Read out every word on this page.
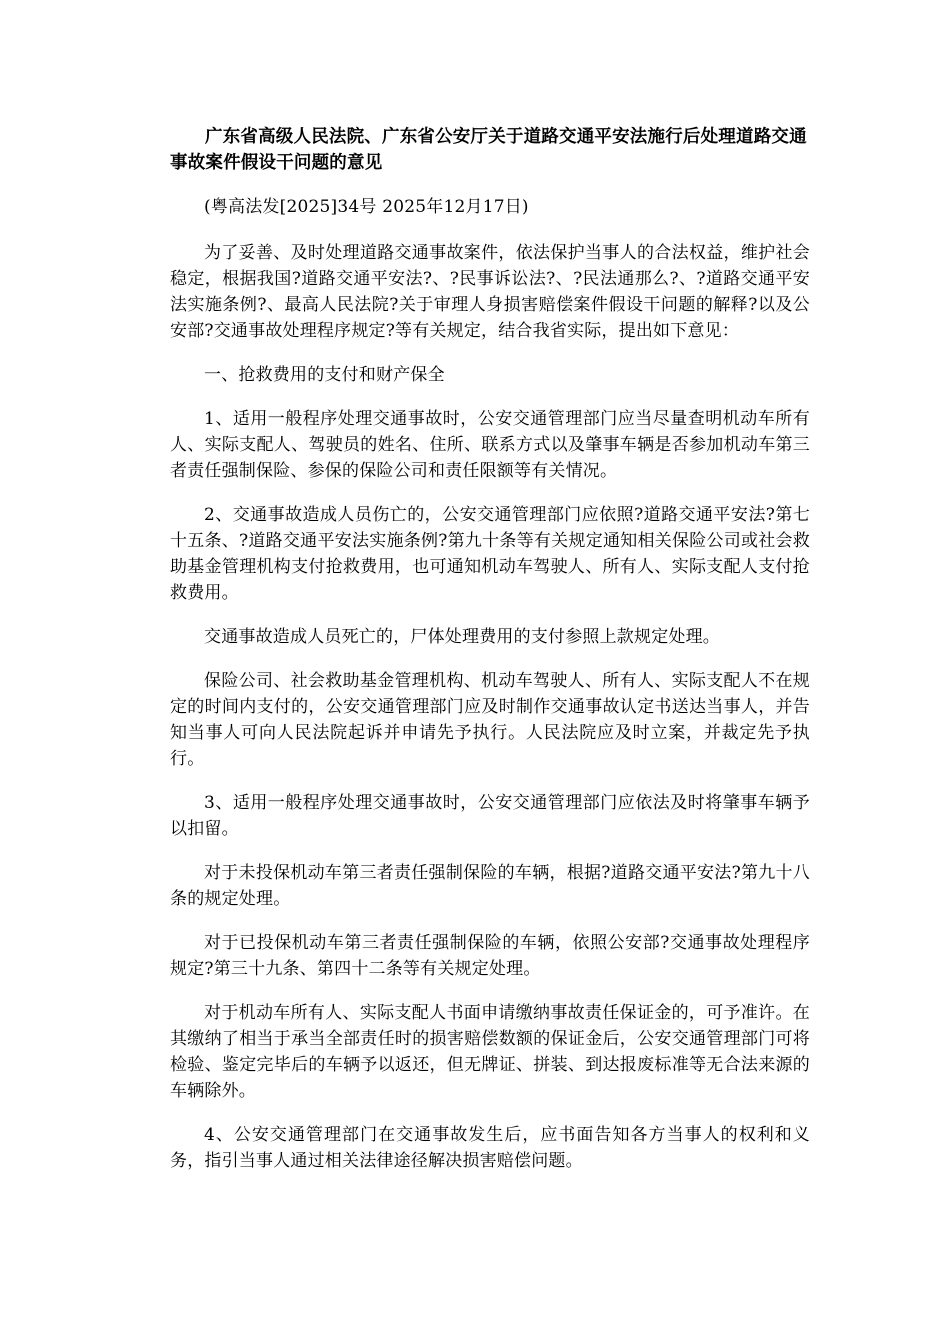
广东省高级人民法院、广东省公安厅关于道路交通平安法施行后处理道路交通事故案件假设干问题的意见

(粤高法发[2025]34号 2025年12月17日)

为了妥善、及时处理道路交通事故案件，依法保护当事人的合法权益，维护社会稳定，根据我国?道路交通平安法?、?民事诉讼法?、?民法通那么?、?道路交通平安法实施条例?、最高人民法院?关于审理人身损害赔偿案件假设干问题的解释?以及公安部?交通事故处理程序规定?等有关规定，结合我省实际，提出如下意见：

一、抢救费用的支付和财产保全

1、适用一般程序处理交通事故时，公安交通管理部门应当尽量查明机动车所有人、实际支配人、驾驶员的姓名、住所、联系方式以及肇事车辆是否参加机动车第三者责任强制保险、参保的保险公司和责任限额等有关情况。

2、交通事故造成人员伤亡的，公安交通管理部门应依照?道路交通平安法?第七十五条、?道路交通平安法实施条例?第九十条等有关规定通知相关保险公司或社会救助基金管理机构支付抢救费用，也可通知机动车驾驶人、所有人、实际支配人支付抢救费用。

交通事故造成人员死亡的，尸体处理费用的支付参照上款规定处理。

保险公司、社会救助基金管理机构、机动车驾驶人、所有人、实际支配人不在规定的时间内支付的，公安交通管理部门应及时制作交通事故认定书送达当事人，并告知当事人可向人民法院起诉并申请先予执行。人民法院应及时立案，并裁定先予执行。

3、适用一般程序处理交通事故时，公安交通管理部门应依法及时将肇事车辆予以扣留。

对于未投保机动车第三者责任强制保险的车辆，根据?道路交通平安法?第九十八条的规定处理。

对于已投保机动车第三者责任强制保险的车辆，依照公安部?交通事故处理程序规定?第三十九条、第四十二条等有关规定处理。

对于机动车所有人、实际支配人书面申请缴纳事故责任保证金的，可予准许。在其缴纳了相当于承当全部责任时的损害赔偿数额的保证金后，公安交通管理部门可将检验、鉴定完毕后的车辆予以返还，但无牌证、拼装、到达报废标准等无合法来源的车辆除外。

4、公安交通管理部门在交通事故发生后，应书面告知各方当事人的权利和义务，指引当事人通过相关法律途径解决损害赔偿问题。
